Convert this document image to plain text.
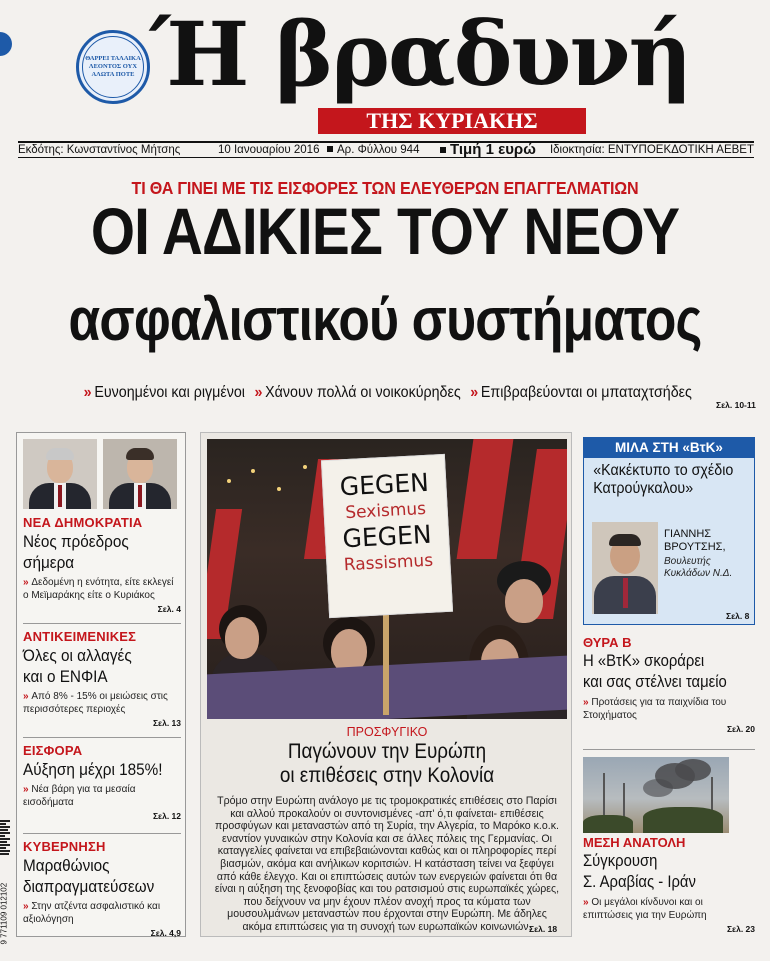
ΘΑΡΡΕΙ ΤΑΛΑΙΚΑ ΛΕΟΝΤΟΣ ΟΥΧ ΑΛΩΤΑ ΠΟΤΕ Ή βραδυνή
ΤΗΣ ΚΥΡΙΑΚΗΣ
Εκδότης: Κωνσταντίνος Μήτσης	10 Ιανουαρίου 2016	Αρ. Φύλλου 944	Τιμή 1 ευρώ Ιδιοκτησία: ΕΝΤΥΠΟΕΚΔΟΤΙΚΗ ΑΕΒΕΤ
ΤΙ ΘΑ ΓΙΝΕΙ ΜΕ ΤΙΣ ΕΙΣΦΟΡΕΣ ΤΩΝ ΕΛΕΥΘΕΡΩΝ ΕΠΑΓΓΕΛΜΑΤΙΩΝ
ΟΙ ΑΔΙΚΙΕΣ ΤΟΥ ΝΕΟΥ
ασφαλιστικού συστήματος
» Ευνοημένοι και ριγμένοι » Χάνουν πολλά οι νοικοκύρηδες » Επιβραβεύονται οι μπαταχτσήδες
Σελ. 10-11
ΝΕΑ ΔΗΜΟΚΡΑΤΙΑ
Νέος πρόεδρος
σήμερα
» Δεδομένη η ενότητα, είτε εκλεγεί ο Μεϊμαράκης είτε ο Κυριάκος
Σελ. 4
ΑΝΤΙΚΕΙΜΕΝΙΚΕΣ
Όλες οι αλλαγές
και ο ΕΝΦΙΑ
» Από 8% - 15% οι μειώσεις στις περισσότερες περιοχές
Σελ. 13
ΕΙΣΦΟΡΑ
Αύξηση μέχρι 185%!
» Νέα βάρη για τα μεσαία εισοδήματα
Σελ. 12
ΚΥΒΕΡΝΗΣΗ
Μαραθώνιος
διαπραγματεύσεων
» Στην ατζέντα ασφαλιστικό και αξιολόγηση
Σελ. 4,9
GEGEN
Sexismus
GEGEN
Rassismus
ΠΡΟΣΦΥΓΙΚΟ
Παγώνουν την Ευρώπη
οι επιθέσεις στην Κολονία
Τρόμο στην Ευρώπη ανάλογο με τις τρομοκρατικές επιθέσεις στο Παρίσι και αλλού προκαλούν οι συντονισμένες -απ' ό,τι φαίνεται- επιθέσεις προσφύγων και μεταναστών από τη Συρία, την Αλγερία, το Μαρόκο κ.ο.κ. εναντίον γυναικών στην Κολονία και σε άλλες πόλεις της Γερμανίας. Οι καταγγελίες φαίνεται να επιβεβαιώνονται καθώς και οι πληροφορίες περί βιασμών, ακόμα και ανήλικων κοριτσιών. Η κατάσταση τείνει να ξεφύγει από κάθε έλεγχο. Και οι επιπτώσεις αυτών των ενεργειών φαίνεται ότι θα είναι η αύξηση της ξενοφοβίας και του ρατσισμού στις ευρωπαϊκές χώρες, που δείχνουν να μην έχουν πλέον ανοχή προς τα κύματα των μουσουλμάνων μεταναστών που έρχονται στην Ευρώπη. Με άδηλες ακόμα επιπτώσεις για τη συνοχή των ευρωπαϊκών κοινωνιών.
Σελ. 18
ΜΙΛΑ ΣΤΗ «ΒτΚ»
«Κακέκτυπο το σχέδιο
Κατρούγκαλου»
ΓΙΑΝΝΗΣ
ΒΡΟΥΤΣΗΣ,
Βουλευτής Κυκλάδων Ν.Δ.
Σελ. 8
ΘΥΡΑ Β
Η «ΒτΚ» σκοράρει
και σας στέλνει ταμείο
» Προτάσεις για τα παιχνίδια του Στοιχήματος
Σελ. 20
ΜΕΣΗ ΑΝΑΤΟΛΗ
Σύγκρουση
Σ. Αραβίας - Ιράν
» Οι μεγάλοι κίνδυνοι και οι επιπτώσεις για την Ευρώπη
Σελ. 23
9 771109 012102
